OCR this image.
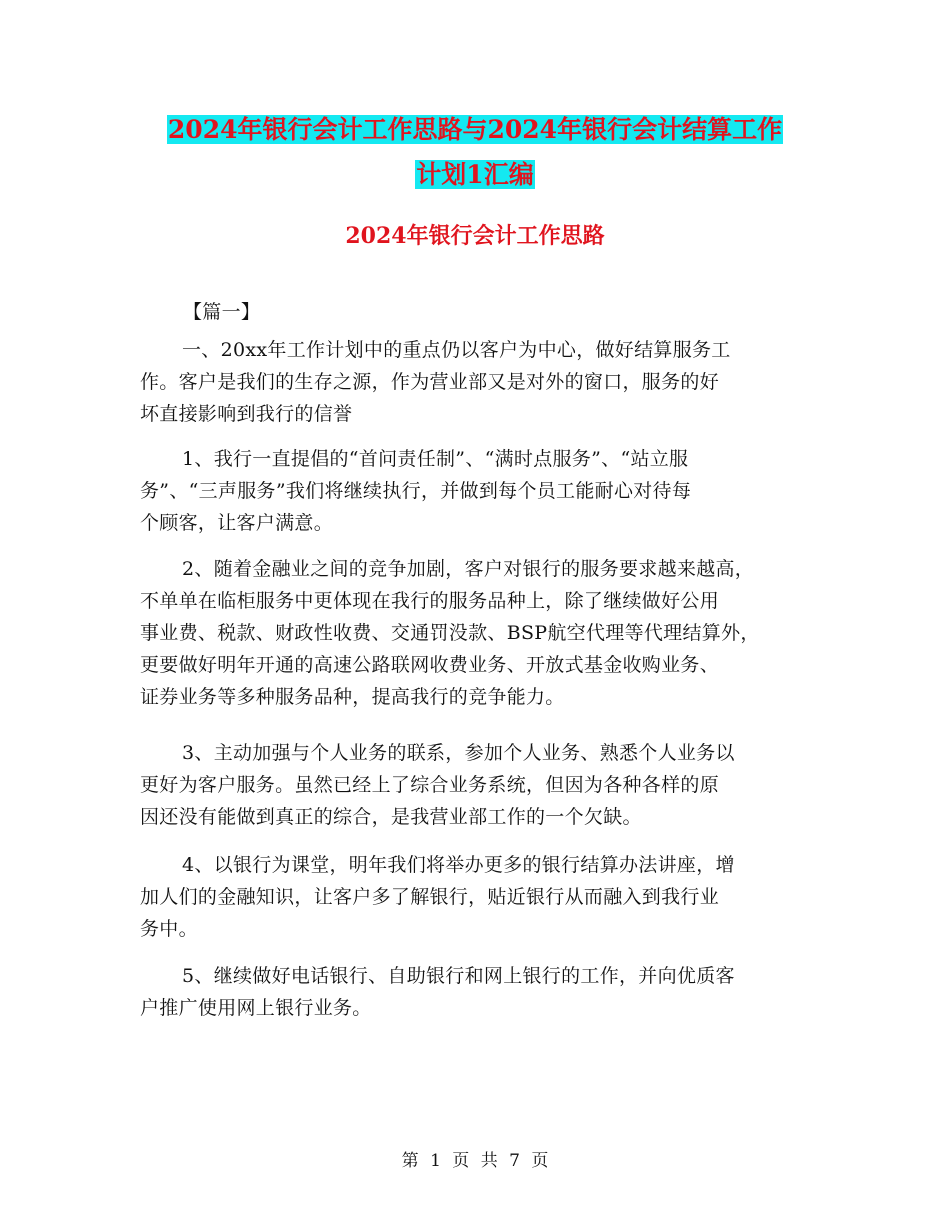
2024年银行会计工作思路与2024年银行会计结算工作
计划1汇编
2024年银行会计工作思路
【篇一】
一、20xx年工作计划中的重点仍以客户为中心，做好结算服务工
作。客户是我们的生存之源，作为营业部又是对外的窗口，服务的好
坏直接影响到我行的信誉
1、我行一直提倡的“首问责任制”、“满时点服务”、“站立服
务”、“三声服务”我们将继续执行，并做到每个员工能耐心对待每
个顾客，让客户满意。
2、随着金融业之间的竞争加剧，客户对银行的服务要求越来越高，
不单单在临柜服务中更体现在我行的服务品种上，除了继续做好公用
事业费、税款、财政性收费、交通罚没款、BSP航空代理等代理结算外，
更要做好明年开通的高速公路联网收费业务、开放式基金收购业务、
证券业务等多种服务品种，提高我行的竞争能力。
3、主动加强与个人业务的联系，参加个人业务、熟悉个人业务以
更好为客户服务。虽然已经上了综合业务系统，但因为各种各样的原
因还没有能做到真正的综合，是我营业部工作的一个欠缺。
4、以银行为课堂，明年我们将举办更多的银行结算办法讲座，增
加人们的金融知识，让客户多了解银行，贴近银行从而融入到我行业
务中。
5、继续做好电话银行、自助银行和网上银行的工作，并向优质客
户推广使用网上银行业务。
第 1 页 共 7 页
